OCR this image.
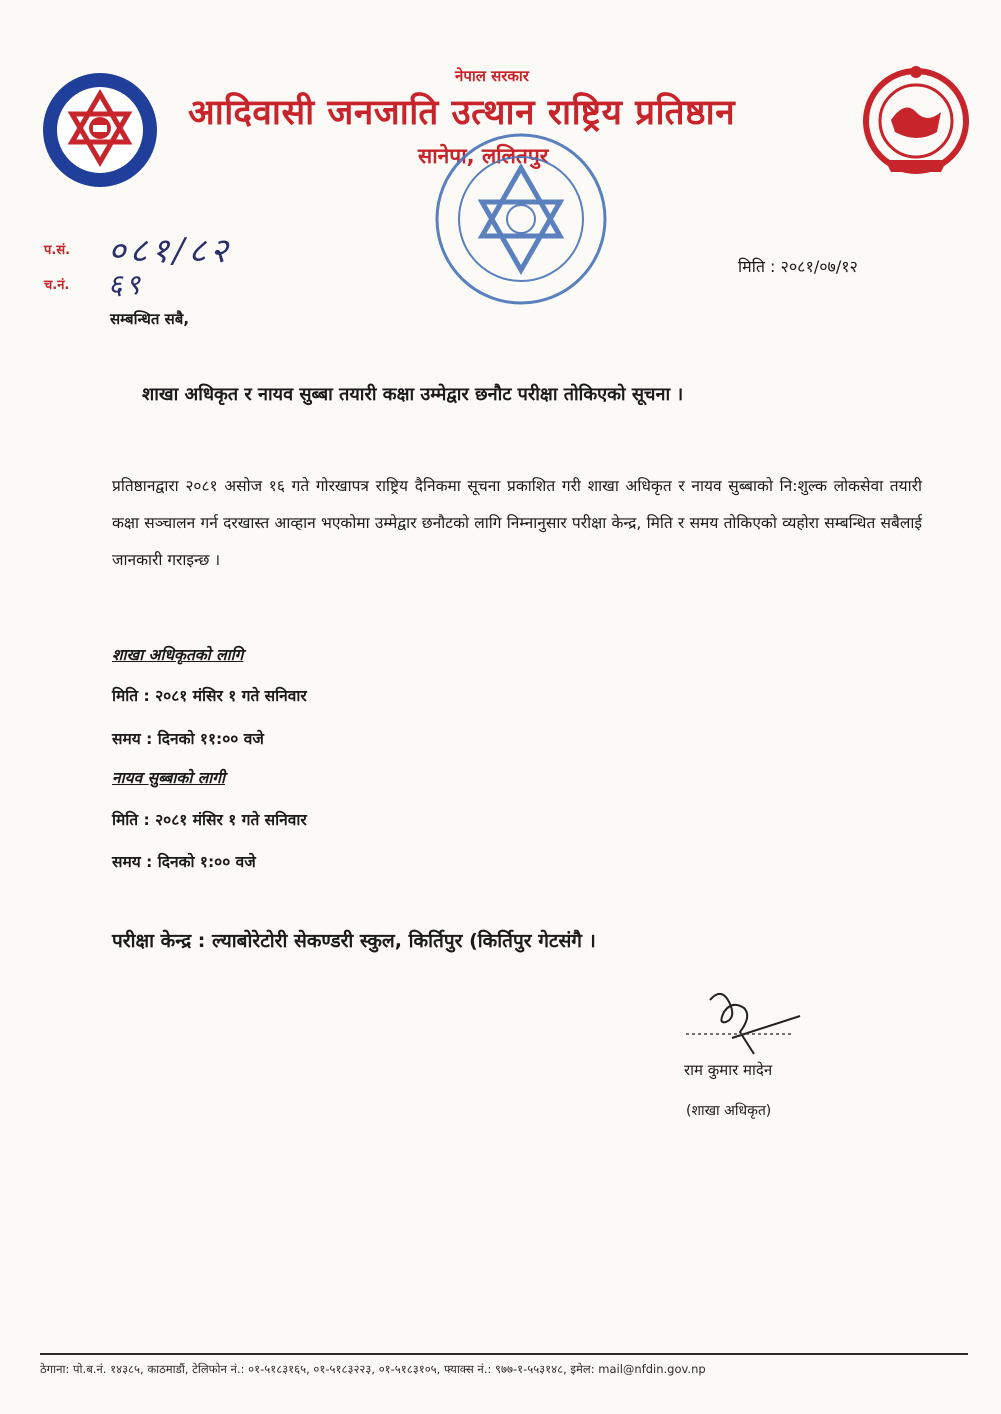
नेपाल सरकार
आदिवासी जनजाति उत्थान राष्ट्रिय प्रतिष्ठान
सानेपा, ललितपुर
प.सं. ०८१/८२
च.नं. ६९
मिति : २०८१/०७/१२
सम्बन्धित सबै,
शाखा अधिकृत र नायव सुब्बा तयारी कक्षा उम्मेद्वार छनौट परीक्षा तोकिएको सूचना ।
प्रतिष्ठानद्वारा २०८१ असोज १६ गते गोरखापत्र राष्ट्रिय दैनिकमा सूचना प्रकाशित गरी शाखा अधिकृत र नायव सुब्बाको नि:शुल्क लोकसेवा तयारी कक्षा सञ्चालन गर्न दरखास्त आव्हान भएकोमा उम्मेद्वार छनौटको लागि निम्नानुसार परीक्षा केन्द्र, मिति र समय तोकिएको व्यहोरा सम्बन्धित सबैलाई जानकारी गराइन्छ ।
शाखा अधिकृतको लागि
मिति : २०८१ मंसिर १ गते सनिवार
समय : दिनको ११:०० वजे
नायव सुब्बाको लागी
मिति : २०८१ मंसिर १ गते सनिवार
समय : दिनको १:०० वजे
परीक्षा केन्द्र : ल्याबोरेटोरी सेकण्डरी स्कुल, किर्तिपुर (किर्तिपुर गेटसंगै ।
राम कुमार मादेन
(शाखा अधिकृत)
ठेगाना: पो.ब.नं. १४३८५, काठमाडौं, टेलिफोन नं.: ०१-५१८३१६५, ०१-५१८३२२३, ०१-५१८३१०५, फ्याक्स नं.: ९७७-१-५५३१४८, इमेल: mail@nfdin.gov.np
